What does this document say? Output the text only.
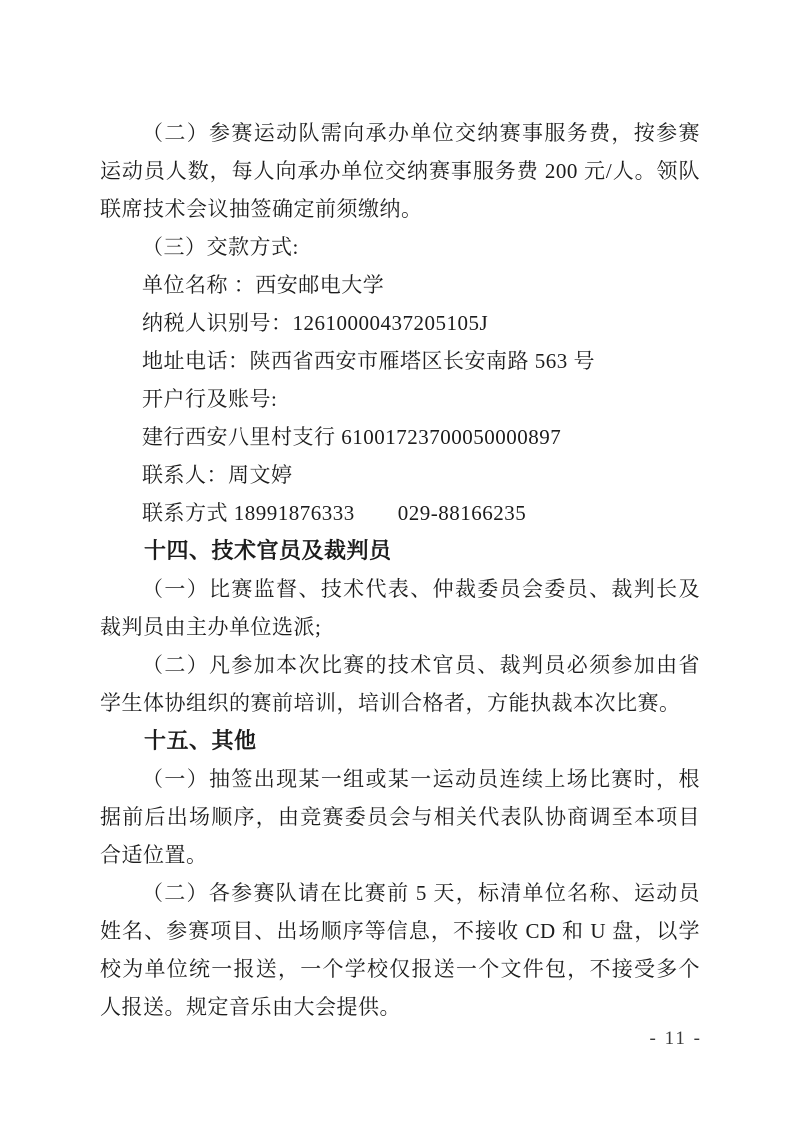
（二）参赛运动队需向承办单位交纳赛事服务费，按参赛运动员人数，每人向承办单位交纳赛事服务费 200 元/人。领队联席技术会议抽签确定前须缴纳。

（三）交款方式:

单位名称 ：西安邮电大学

纳税人识别号：12610000437205105J

地址电话：陕西省西安市雁塔区长安南路 563 号

开户行及账号:

建行西安八里村支行 61001723700050000897

联系人：周文婷

联系方式 18991876333　　029-88166235

十四、技术官员及裁判员

（一）比赛监督、技术代表、仲裁委员会委员、裁判长及裁判员由主办单位选派;

（二）凡参加本次比赛的技术官员、裁判员必须参加由省学生体协组织的赛前培训，培训合格者，方能执裁本次比赛。

十五、其他

（一）抽签出现某一组或某一运动员连续上场比赛时，根据前后出场顺序，由竞赛委员会与相关代表队协商调至本项目合适位置。

（二）各参赛队请在比赛前 5 天，标清单位名称、运动员姓名、参赛项目、出场顺序等信息，不接收 CD 和 U 盘，以学校为单位统一报送，一个学校仅报送一个文件包，不接受多个人报送。规定音乐由大会提供。

- 11 -
